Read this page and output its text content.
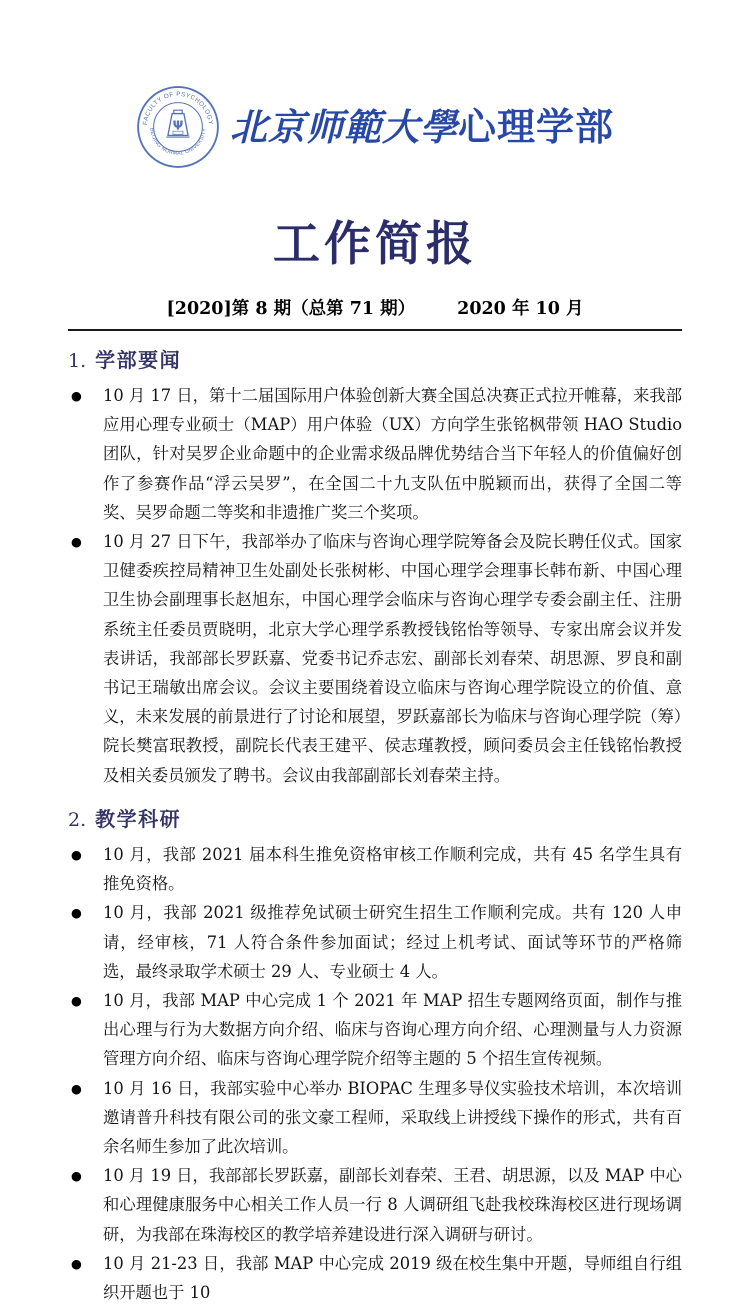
FACULTY OF PSYCHOLOGY
BEIJING NORMAL UNIVERSITY
Ψ 北京师範大學心理学部
工作简报
[2020]第 8 期（总第 71 期） 2020 年 10 月
1. 学部要闻
●	10 月 17 日，第十二届国际用户体验创新大赛全国总决赛正式拉开帷幕，来我部应用心理专业硕士（MAP）用户体验（UX）方向学生张铭枫带领 HAO Studio 团队，针对吴罗企业命题中的企业需求级品牌优势结合当下年轻人的价值偏好创作了参赛作品“浮云吴罗”，在全国二十九支队伍中脱颖而出，获得了全国二等奖、吴罗命题二等奖和非遗推广奖三个奖项。

●	10 月 27 日下午，我部举办了临床与咨询心理学院筹备会及院长聘任仪式。国家卫健委疾控局精神卫生处副处长张树彬、中国心理学会理事长韩布新、中国心理卫生协会副理事长赵旭东，中国心理学会临床与咨询心理学专委会副主任、注册系统主任委员贾晓明，北京大学心理学系教授钱铭怡等领导、专家出席会议并发表讲话，我部部长罗跃嘉、党委书记乔志宏、副部长刘春荣、胡思源、罗良和副书记王瑞敏出席会议。会议主要围绕着设立临床与咨询心理学院设立的价值、意义，未来发展的前景进行了讨论和展望，罗跃嘉部长为临床与咨询心理学院（筹）院长樊富珉教授，副院长代表王建平、侯志瑾教授，顾问委员会主任钱铭怡教授及相关委员颁发了聘书。会议由我部副部长刘春荣主持。

2. 教学科研
●	10 月，我部 2021 届本科生推免资格审核工作顺利完成，共有 45 名学生具有推免资格。

●	10 月，我部 2021 级推荐免试硕士研究生招生工作顺利完成。共有 120 人申请，经审核，71 人符合条件参加面试；经过上机考试、面试等环节的严格筛选，最终录取学术硕士 29 人、专业硕士 4 人。

●	10 月，我部 MAP 中心完成 1 个 2021 年 MAP 招生专题网络页面，制作与推出心理与行为大数据方向介绍、临床与咨询心理方向介绍、心理测量与人力资源管理方向介绍、临床与咨询心理学院介绍等主题的 5 个招生宣传视频。

●	10 月 16 日，我部实验中心举办 BIOPAC 生理多导仪实验技术培训，本次培训邀请普升科技有限公司的张文豪工程师，采取线上讲授线下操作的形式，共有百余名师生参加了此次培训。

●	10 月 19 日，我部部长罗跃嘉，副部长刘春荣、王君、胡思源，以及 MAP 中心和心理健康服务中心相关工作人员一行 8 人调研组飞赴我校珠海校区进行现场调研，为我部在珠海校区的教学培养建设进行深入调研与研讨。

●	10 月 21-23 日，我部 MAP 中心完成 2019 级在校生集中开题，导师组自行组织开题也于 10
